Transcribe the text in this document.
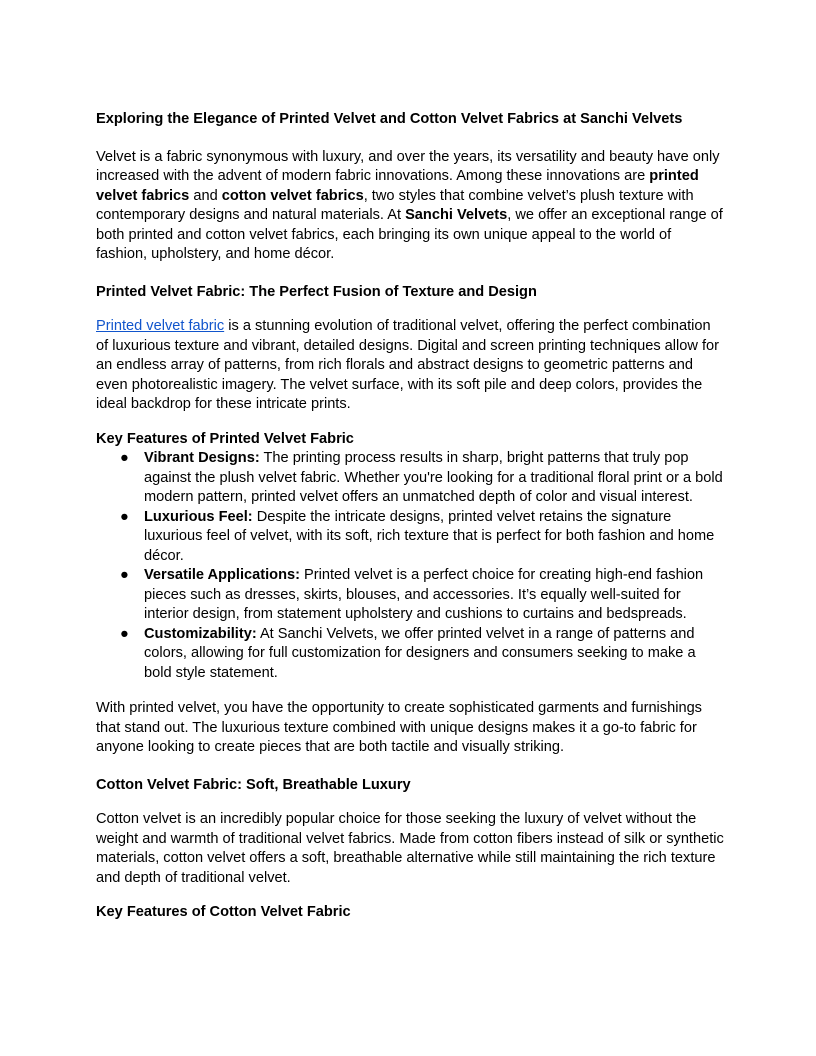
Exploring the Elegance of Printed Velvet and Cotton Velvet Fabrics at Sanchi Velvets

Velvet is a fabric synonymous with luxury, and over the years, its versatility and beauty have only increased with the advent of modern fabric innovations. Among these innovations are printed velvet fabrics and cotton velvet fabrics, two styles that combine velvet’s plush texture with contemporary designs and natural materials. At Sanchi Velvets, we offer an exceptional range of both printed and cotton velvet fabrics, each bringing its own unique appeal to the world of fashion, upholstery, and home décor.

Printed Velvet Fabric: The Perfect Fusion of Texture and Design

Printed velvet fabric is a stunning evolution of traditional velvet, offering the perfect combination of luxurious texture and vibrant, detailed designs. Digital and screen printing techniques allow for an endless array of patterns, from rich florals and abstract designs to geometric patterns and even photorealistic imagery. The velvet surface, with its soft pile and deep colors, provides the ideal backdrop for these intricate prints.

Key Features of Printed Velvet Fabric

● Vibrant Designs: The printing process results in sharp, bright patterns that truly pop against the plush velvet fabric. Whether you're looking for a traditional floral print or a bold modern pattern, printed velvet offers an unmatched depth of color and visual interest.
● Luxurious Feel: Despite the intricate designs, printed velvet retains the signature luxurious feel of velvet, with its soft, rich texture that is perfect for both fashion and home décor.
● Versatile Applications: Printed velvet is a perfect choice for creating high-end fashion pieces such as dresses, skirts, blouses, and accessories. It’s equally well-suited for interior design, from statement upholstery and cushions to curtains and bedspreads.
● Customizability: At Sanchi Velvets, we offer printed velvet in a range of patterns and colors, allowing for full customization for designers and consumers seeking to make a bold style statement.

With printed velvet, you have the opportunity to create sophisticated garments and furnishings that stand out. The luxurious texture combined with unique designs makes it a go-to fabric for anyone looking to create pieces that are both tactile and visually striking.

Cotton Velvet Fabric: Soft, Breathable Luxury

Cotton velvet is an incredibly popular choice for those seeking the luxury of velvet without the weight and warmth of traditional velvet fabrics. Made from cotton fibers instead of silk or synthetic materials, cotton velvet offers a soft, breathable alternative while still maintaining the rich texture and depth of traditional velvet.

Key Features of Cotton Velvet Fabric
